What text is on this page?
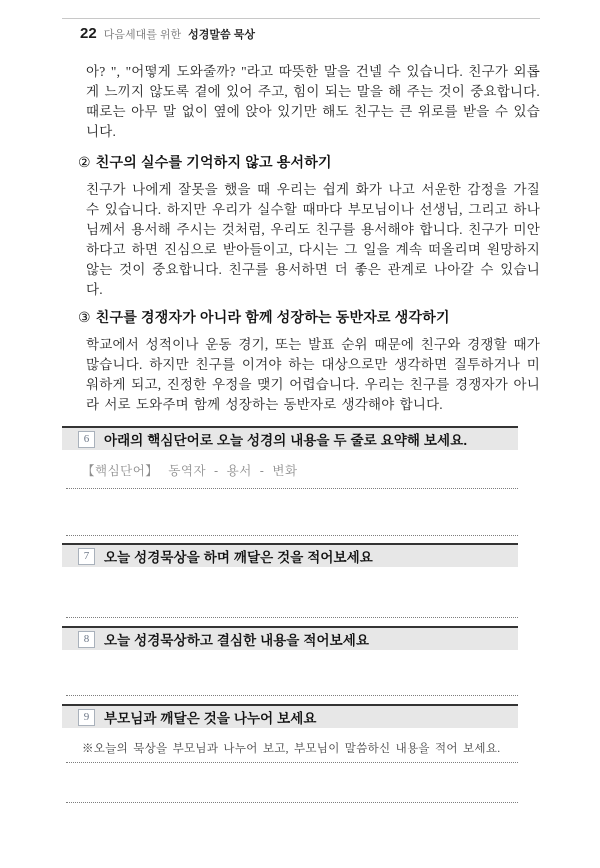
22 다음세대를 위한 성경말씀 묵상

아? ", "어떻게 도와줄까? "라고 따뜻한 말을 건넬 수 있습니다. 친구가 외롭게 느끼지 않도록 곁에 있어 주고, 힘이 되는 말을 해 주는 것이 중요합니다. 때로는 아무 말 없이 옆에 앉아 있기만 해도 친구는 큰 위로를 받을 수 있습니다.

② 친구의 실수를 기억하지 않고 용서하기

친구가 나에게 잘못을 했을 때 우리는 쉽게 화가 나고 서운한 감정을 가질 수 있습니다. 하지만 우리가 실수할 때마다 부모님이나 선생님, 그리고 하나님께서 용서해 주시는 것처럼, 우리도 친구를 용서해야 합니다. 친구가 미안하다고 하면 진심으로 받아들이고, 다시는 그 일을 계속 떠올리며 원망하지 않는 것이 중요합니다. 친구를 용서하면 더 좋은 관계로 나아갈 수 있습니다.

③ 친구를 경쟁자가 아니라 함께 성장하는 동반자로 생각하기

학교에서 성적이나 운동 경기, 또는 발표 순위 때문에 친구와 경쟁할 때가 많습니다. 하지만 친구를 이겨야 하는 대상으로만 생각하면 질투하거나 미워하게 되고, 진정한 우정을 맺기 어렵습니다. 우리는 친구를 경쟁자가 아니라 서로 도와주며 함께 성장하는 동반자로 생각해야 합니다.

6	아래의 핵심단어로 오늘 성경의 내용을 두 줄로 요약해 보세요.
【핵심단어】 동역자 - 용서 - 변화
7	오늘 성경묵상을 하며 깨달은 것을 적어보세요
8	오늘 성경묵상하고 결심한 내용을 적어보세요
9	부모님과 깨달은 것을 나누어 보세요
※오늘의 묵상을 부모님과 나누어 보고, 부모님이 말씀하신 내용을 적어 보세요.
